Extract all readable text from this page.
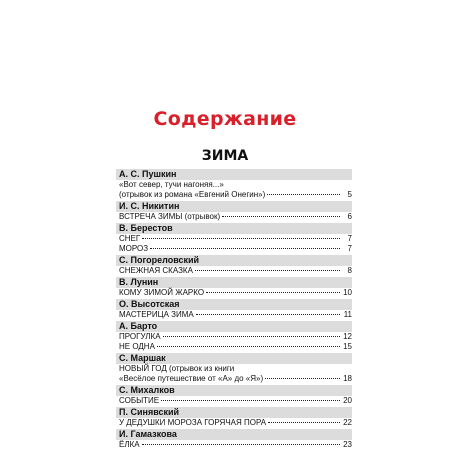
Содержание
ЗИМА
А. С. Пушкин
«Вот север, тучи нагоняя...»
(отрывок из романа «Евгений Онегин»)	5
И. С. Никитин
ВСТРЕЧА ЗИМЫ (отрывок)	6
В. Берестов
СНЕГ	7
МОРОЗ	7
С. Погореловский
СНЕЖНАЯ СКАЗКА	8
В. Лунин
КОМУ ЗИМОЙ ЖАРКО	10
О. Высотская
МАСТЕРИЦА ЗИМА	11
А. Барто
ПРОГУЛКА	12
НЕ ОДНА	15
С. Маршак
НОВЫЙ ГОД (отрывок из книги
«Весёлое путешествие от «А» до «Я»)	18
С. Михалков
СОБЫТИЕ	20
П. Синявский
У ДЕДУШКИ МОРОЗА ГОРЯЧАЯ ПОРА	22
И. Гамазкова
ЁЛКА	23
